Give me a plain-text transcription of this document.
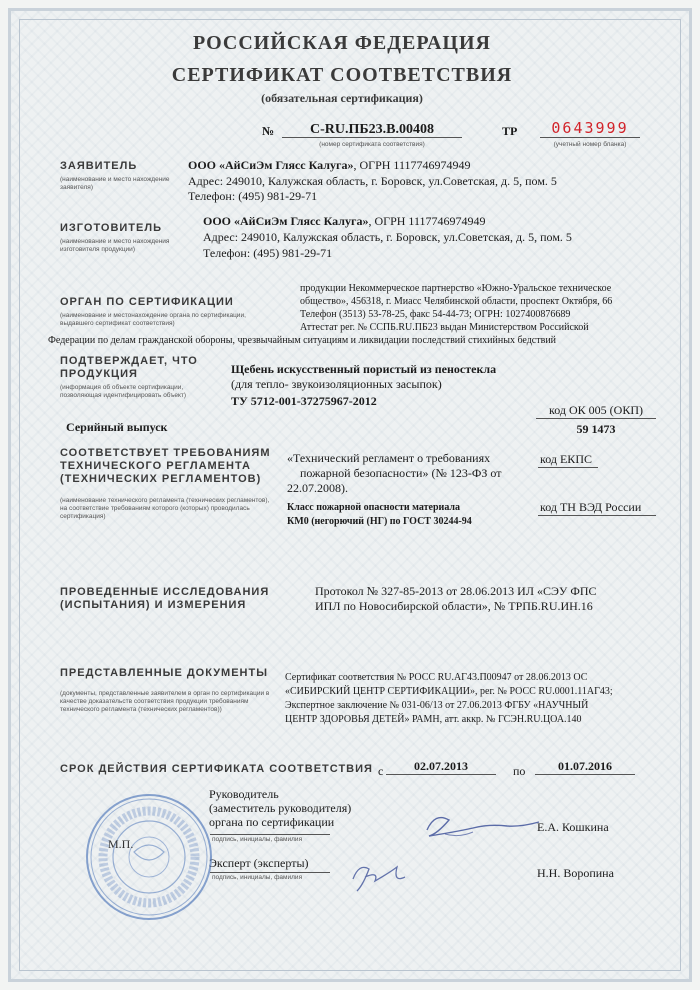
РОССИЙСКАЯ ФЕДЕРАЦИЯ
СЕРТИФИКАТ СООТВЕТСТВИЯ
(обязательная сертификация)
№	С-RU.ПБ23.В.00408
(номер сертификата соответствия)
ТР	0643999
(учетный номер бланка)
ЗАЯВИТЕЛЬ
(наименование и место нахождение заявителя)
ООО «АйСиЭм Глясс Калуга», ОГРН 1117746974949
Адрес: 249010, Калужская область, г. Боровск, ул.Советская, д. 5, пом. 5
Телефон: (495) 981-29-71
ИЗГОТОВИТЕЛЬ
(наименование и место нахождения изготовителя продукции)
ООО «АйСиЭм Глясс Калуга», ОГРН 1117746974949
Адрес: 249010, Калужская область, г. Боровск, ул.Советская, д. 5, пом. 5
Телефон: (495) 981-29-71
ОРГАН ПО СЕРТИФИКАЦИИ
(наименование и местонахождение органа по сертификации, выдавшего сертификат соответствия)
продукции Некоммерческое партнерство «Южно-Уральское техническое
общество», 456318, г. Миасс Челябинской области, проспект Октября, 66
Телефон (3513) 53-78-25, факс 54-44-73; ОГРН: 1027400876689
Аттестат рег. № ССПБ.RU.ПБ23 выдан Министерством Российской
Федерации по делам гражданской обороны, чрезвычайным ситуациям и ликвидации последствий стихийных бедствий
ПОДТВЕРЖДАЕТ, ЧТО
ПРОДУКЦИЯ
(информация об объекте сертификации, позволяющая идентифицировать объект)
Щебень искусственный пористый из пеностекла
(для тепло- звукоизоляционных засыпок)
ТУ 5712-001-37275967-2012
Серийный выпуск
код ОК 005 (ОКП)
59 1473
СООТВЕТСТВУЕТ ТРЕБОВАНИЯМ
ТЕХНИЧЕСКОГО РЕГЛАМЕНТА
(ТЕХНИЧЕСКИХ РЕГЛАМЕНТОВ)
(наименование технического регламента (технических регламентов), на соответствие требованиям которого (которых) проводилась сертификация)
«Технический регламент о требованиях
пожарной безопасности» (№ 123-ФЗ от
22.07.2008).
Класс пожарной опасности материала
КМ0 (негорючий (НГ) по ГОСТ 30244-94
код ЕКПС
код ТН ВЭД России
ПРОВЕДЕННЫЕ ИССЛЕДОВАНИЯ
(ИСПЫТАНИЯ) И ИЗМЕРЕНИЯ
Протокол № 327-85-2013 от 28.06.2013 ИЛ «СЭУ ФПС
ИПЛ по Новосибирской области», № ТРПБ.RU.ИН.16
ПРЕДСТАВЛЕННЫЕ ДОКУМЕНТЫ
(документы, представленные заявителем в орган по сертификации в качестве доказательств соответствия продукции требованиям технического регламента (технических регламентов))
Сертификат соответствия № РОСС RU.АГ43.П00947 от 28.06.2013 ОС
«СИБИРСКИЙ ЦЕНТР СЕРТИФИКАЦИИ», рег. № РОСС RU.0001.11АГ43;
Экспертное заключение № 031-06/13 от 27.06.2013 ФГБУ «НАУЧНЫЙ
ЦЕНТР ЗДОРОВЬЯ ДЕТЕЙ» РАМН, атт. аккр. № ГСЭН.RU.ЦОА.140
СРОК ДЕЙСТВИЯ СЕРТИФИКАТА СООТВЕТСТВИЯ с	02.07.2013	по	01.07.2016
Руководитель
(заместитель руководителя)
органа по сертификации
подпись, инициалы, фамилия
Е.А. Кошкина
Эксперт (эксперты)
подпись, инициалы, фамилия	Н.Н. Воропина
М.П.
